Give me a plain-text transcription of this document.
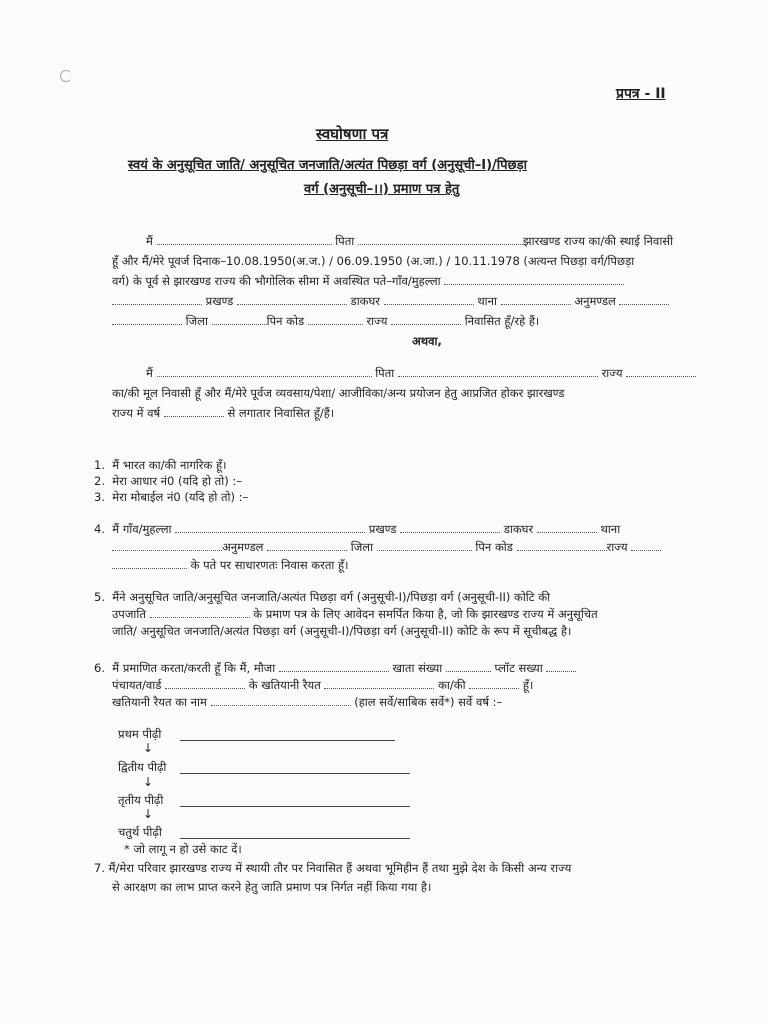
प्रपत्र - II
स्वघोषणा पत्र
स्वयं के अनुसूचित जाति/ अनुसूचित जनजाति/अत्यंत पिछड़ा वर्ग (अनुसूची–I)/पिछड़ा
वर्ग (अनुसूची–।।) प्रमाण पत्र हेतु
मैं	पिता	झारखण्ड राज्य का/की स्थाई निवासी
हूँ और मैं/मेरे पूवर्ज दिनाक–10.08.1950(अ.ज.) / 06.09.1950 (अ.जा.) / 10.11.1978 (अत्यन्त पिछड़ा वर्ग/पिछड़ा
वर्ग) के पूर्व से झारखण्ड राज्य की भौगोलिक सीमा में अवस्थित पते–गाँव/मुहल्ला
प्रखण्ड	डाकघर	थाना	अनुमण्डल
जिला	पिन कोड	राज्य	निवासित हूँ/रहे हैं।
अथवा,
मैं	पिता	राज्य
का/की मूल निवासी हूँ और मैं/मेरे पूर्वज व्यवसाय/पेशा/ आजीविका/अन्य प्रयोजन हेतु आप्रजित होकर झारखण्ड
राज्य में वर्ष	से लगातार निवासित हूँ/हैं।
1. मैं भारत का/की नागरिक हूँ।
2. मेरा आधार नं0 (यदि हो तो) :–
3. मेरा मोबाईल नं0 (यदि हो तो) :–
4. मैं गाँव/मुहल्ला	प्रखण्ड	डाकघर	थाना
अनुमण्डल	जिला	पिन कोड	राज्य
के पते पर साधारणतः निवास करता हूँ।
5. मैंने अनुसूचित जाति/अनुसूचित जनजाति/अत्यंत पिछड़ा वर्ग (अनुसूची-I)/पिछड़ा वर्ग (अनुसूची-II) कोटि की
उपजाति	के प्रमाण पत्र के लिए आवेदन समर्पित किया है, जो कि झारखण्ड राज्य में अनुसूचित
जाति/ अनुसूचित जनजाति/अत्यंत पिछड़ा वर्ग (अनुसूची-I)/पिछड़ा वर्ग (अनुसूची-II) कोटि के रूप में सूचीबद्ध है।
6. मैं प्रमाणित करता/करती हूँ कि मैं, मौजा	खाता संख्या	प्लॉट सख्या
पंचायत/वार्ड	के खतियानी रैयत	का/की	हूँ।
खतियानी रैयत का नाम	(हाल सर्वे/साबिक सर्वे*) सर्वे वर्ष :–
प्रथम पीढ़ी
↓
द्वितीय पीढ़ी
↓
तृतीय पीढ़ी
↓
चतुर्थ पीढ़ी
* जो लागू न हो उसे काट दें।
7. मैं/मेरा परिवार झारखण्ड राज्य में स्थायी तौर पर निवासित हैं अथवा भूमिहीन हैं तथा मुझे देश के किसी अन्य राज्य
से आरक्षण का लाभ प्राप्त करने हेतु जाति प्रमाण पत्र निर्गत नहीं किया गया है।
